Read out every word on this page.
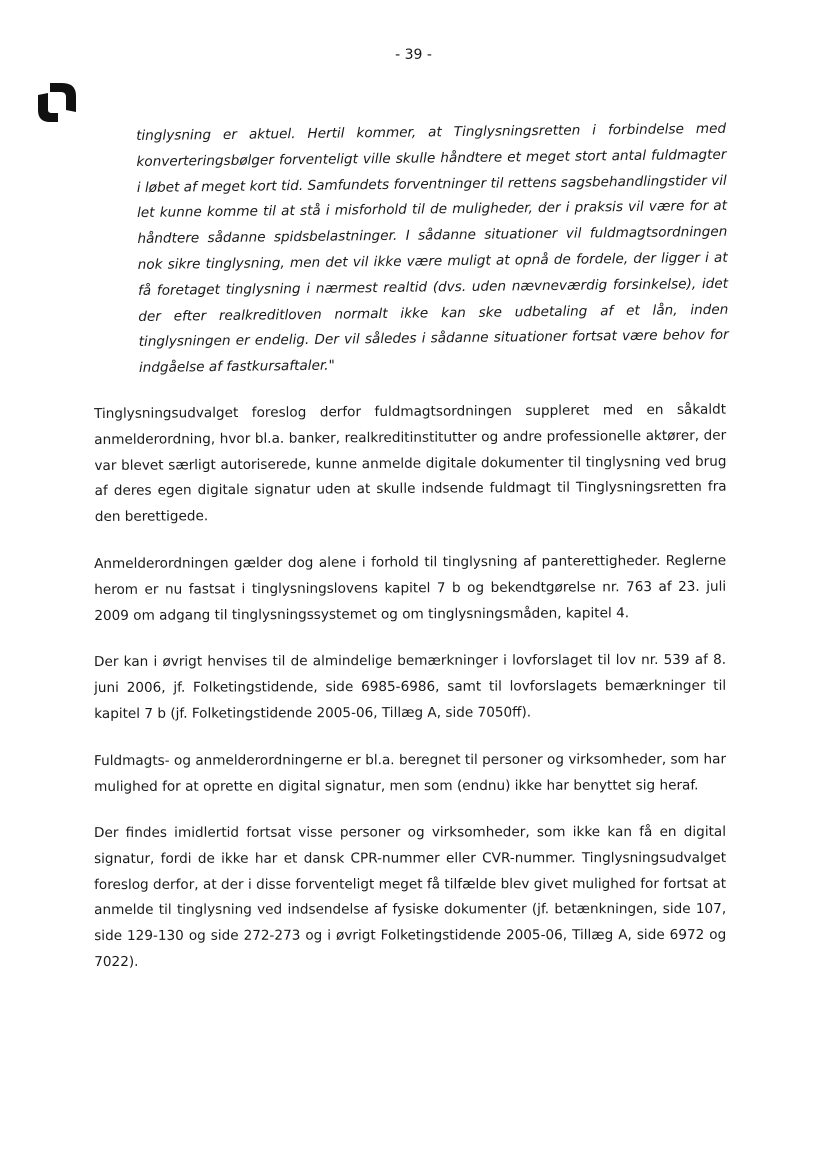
- 39 -

tinglysning er aktuel. Hertil kommer, at Tinglysningsretten i forbindelse med konverteringsbølger forventeligt ville skulle håndtere et meget stort antal fuldmagter i løbet af meget kort tid. Samfundets forventninger til rettens sagsbehandlingstider vil let kunne komme til at stå i misforhold til de muligheder, der i praksis vil være for at håndtere sådanne spidsbelastninger. I sådanne situationer vil fuldmagtsordningen nok sikre tinglysning, men det vil ikke være muligt at opnå de fordele, der ligger i at få foretaget tinglysning i nærmest realtid (dvs. uden nævneværdig forsinkelse), idet der efter realkreditloven normalt ikke kan ske udbetaling af et lån, inden tinglysningen er endelig. Der vil således i sådanne situationer fortsat være behov for indgåelse af fastkursaftaler."

Tinglysningsudvalget foreslog derfor fuldmagtsordningen suppleret med en såkaldt anmelderordning, hvor bl.a. banker, realkreditinstitutter og andre professionelle aktører, der var blevet særligt autoriserede, kunne anmelde digitale dokumenter til tinglysning ved brug af deres egen digitale signatur uden at skulle indsende fuldmagt til Tinglysningsretten fra den berettigede.

Anmelderordningen gælder dog alene i forhold til tinglysning af panterettigheder. Reglerne herom er nu fastsat i tinglysningslovens kapitel 7 b og bekendtgørelse nr. 763 af 23. juli 2009 om adgang til tinglysningssystemet og om tinglysningsmåden, kapitel 4.

Der kan i øvrigt henvises til de almindelige bemærkninger i lovforslaget til lov nr. 539 af 8. juni 2006, jf. Folketingstidende, side 6985-6986, samt til lovforslagets bemærkninger til kapitel 7 b (jf. Folketingstidende 2005-06, Tillæg A, side 7050ff).

Fuldmagts- og anmelderordningerne er bl.a. beregnet til personer og virksomheder, som har mulighed for at oprette en digital signatur, men som (endnu) ikke har benyttet sig heraf.

Der findes imidlertid fortsat visse personer og virksomheder, som ikke kan få en digital signatur, fordi de ikke har et dansk CPR-nummer eller CVR-nummer. Tinglysningsudvalget foreslog derfor, at der i disse forventeligt meget få tilfælde blev givet mulighed for fortsat at anmelde til tinglysning ved indsendelse af fysiske dokumenter (jf. betænkningen, side 107, side 129-130 og side 272-273 og i øvrigt Folketingstidende 2005-06, Tillæg A, side 6972 og 7022).
